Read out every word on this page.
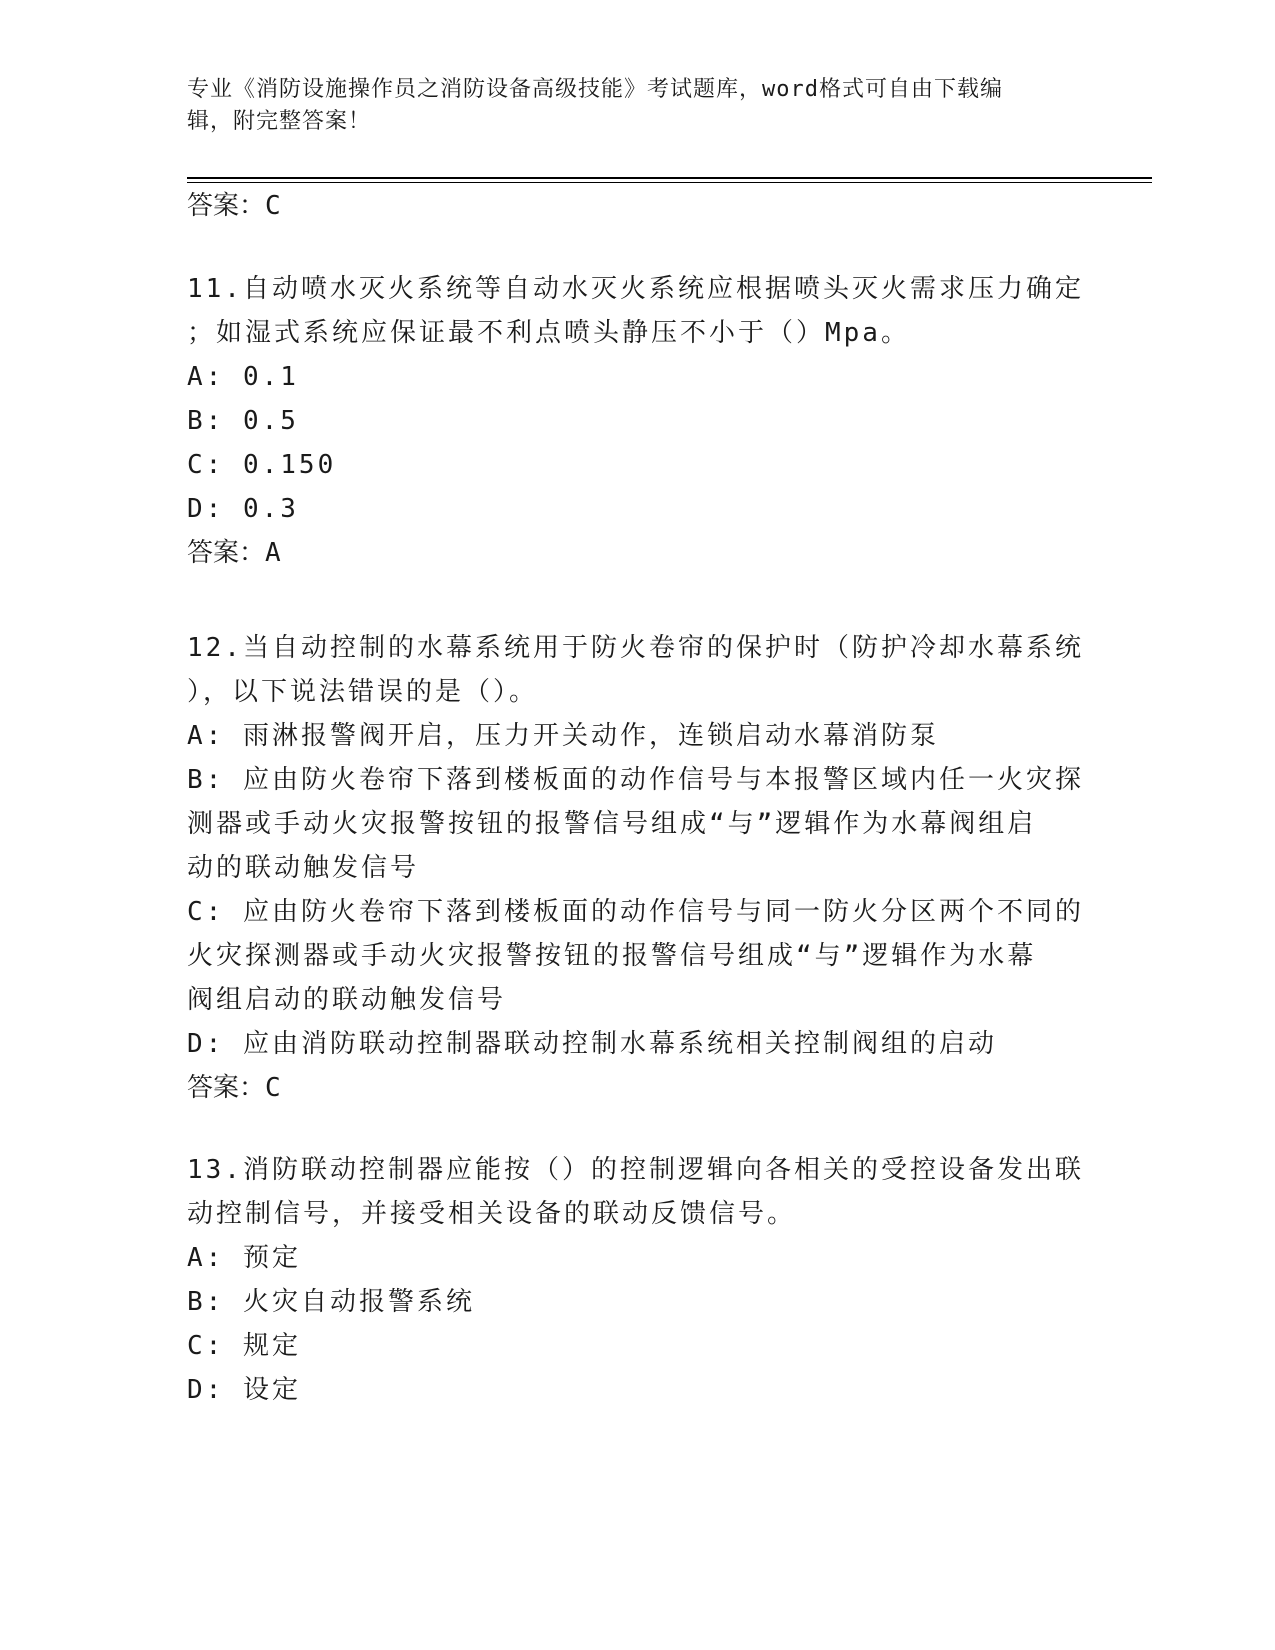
专业《消防设施操作员之消防设备高级技能》考试题库，word格式可自由下载编
辑，附完整答案！
答案：C
11.自动喷水灭火系统等自动水灭火系统应根据喷头灭火需求压力确定
；如湿式系统应保证最不利点喷头静压不小于（）Mpa。
A: 0.1
B: 0.5
C: 0.150
D: 0.3
答案：A
12.当自动控制的水幕系统用于防火卷帘的保护时（防护冷却水幕系统
），以下说法错误的是（）。
A: 雨淋报警阀开启，压力开关动作，连锁启动水幕消防泵
B: 应由防火卷帘下落到楼板面的动作信号与本报警区域内任一火灾探
测器或手动火灾报警按钮的报警信号组成“与”逻辑作为水幕阀组启
动的联动触发信号
C: 应由防火卷帘下落到楼板面的动作信号与同一防火分区两个不同的
火灾探测器或手动火灾报警按钮的报警信号组成“与”逻辑作为水幕
阀组启动的联动触发信号
D: 应由消防联动控制器联动控制水幕系统相关控制阀组的启动
答案：C
13.消防联动控制器应能按（）的控制逻辑向各相关的受控设备发出联
动控制信号，并接受相关设备的联动反馈信号。
A: 预定
B: 火灾自动报警系统
C: 规定
D: 设定
